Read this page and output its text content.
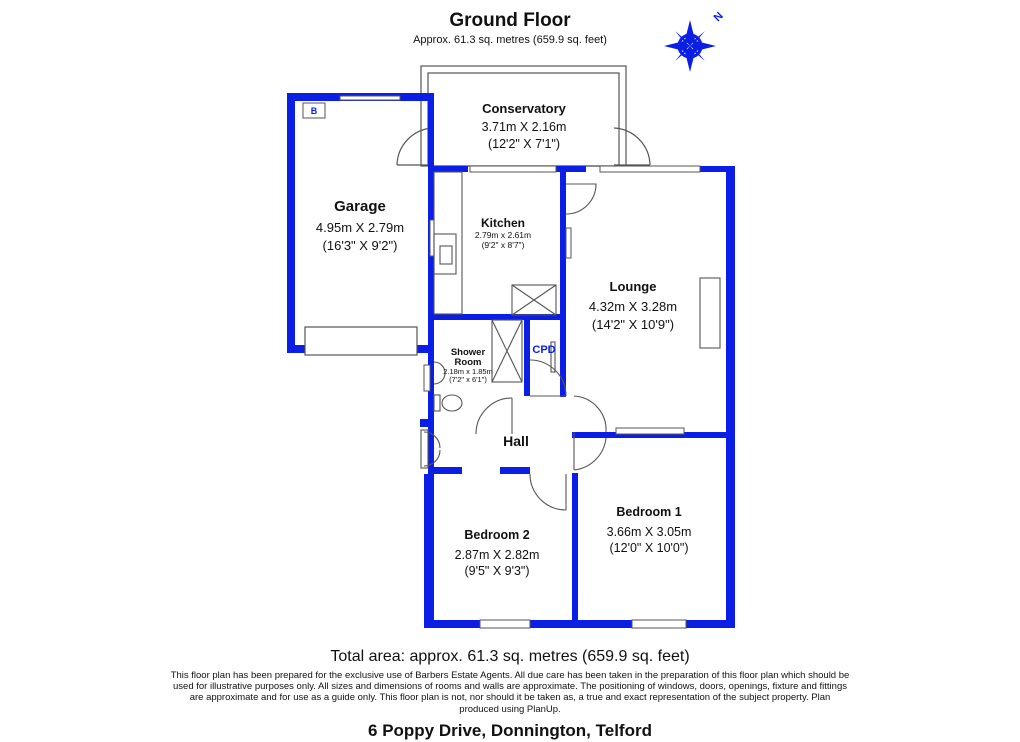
Ground Floor
Approx. 61.3 sq. metres (659.9 sq. feet)
B
N
Conservatory
3.71m X 2.16m
(12'2" X 7'1")
Garage
4.95m X 2.79m
(16'3" X 9'2")
Kitchen
2.79m x 2.61m
(9'2" x 8'7")
Lounge
4.32m X 3.28m
(14'2" X 10'9")
Shower
Room
2.18m x 1.85m
(7'2" x 6'1")
CPD
Hall
Bedroom 1
3.66m X 3.05m
(12'0" X 10'0")
Bedroom 2
2.87m X 2.82m
(9'5" X 9'3")
Total area: approx. 61.3 sq. metres (659.9 sq. feet)
This floor plan has been prepared for the exclusive use of Barbers Estate Agents. All due care has been taken in the preparation of this floor plan which should be used for illustrative purposes only. All sizes and dimensions of rooms and walls are approximate. The positioning of windows, doors, openings, fixture and fittings are approximate and for use as a guide only. This floor plan is not, nor should it be taken as, a true and exact representation of the subject property. Plan produced using PlanUp.
6 Poppy Drive, Donnington, Telford
